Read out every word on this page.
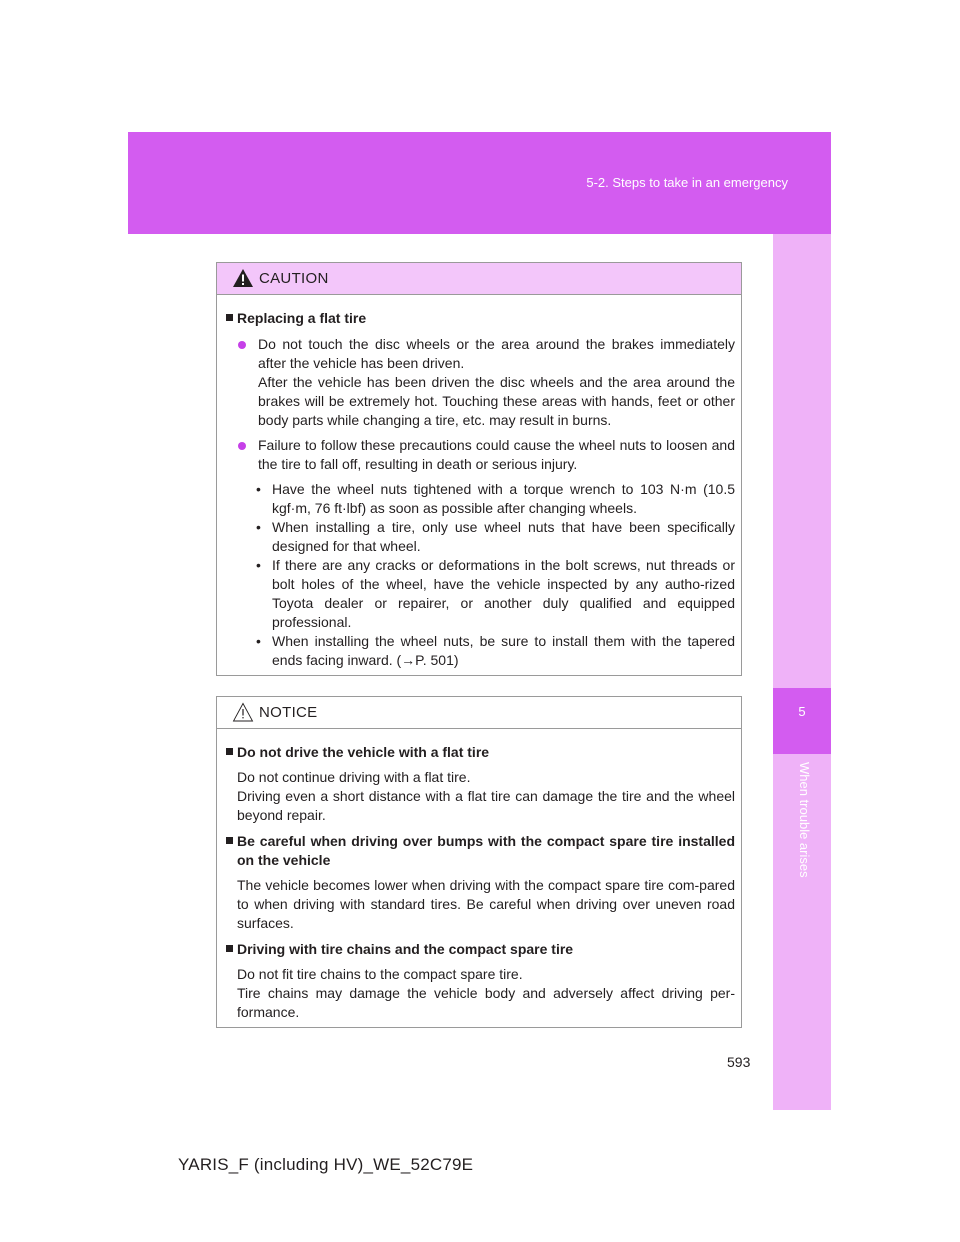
5-2. Steps to take in an emergency
5
When trouble arises
CAUTION
Replacing a flat tire
Do not touch the disc wheels or the area around the brakes immediately after the vehicle has been driven.
After the vehicle has been driven the disc wheels and the area around the brakes will be extremely hot. Touching these areas with hands, feet or other body parts while changing a tire, etc. may result in burns.
Failure to follow these precautions could cause the wheel nuts to loosen and the tire to fall off, resulting in death or serious injury.
• Have the wheel nuts tightened with a torque wrench to 103 N·m (10.5 kgf·m, 76 ft·lbf) as soon as possible after changing wheels.
• When installing a tire, only use wheel nuts that have been specifically designed for that wheel.
• If there are any cracks or deformations in the bolt screws, nut threads or bolt holes of the wheel, have the vehicle inspected by any autho-rized Toyota dealer or repairer, or another duly qualified and equipped professional.
• When installing the wheel nuts, be sure to install them with the tapered ends facing inward. (→P. 501)
NOTICE
Do not drive the vehicle with a flat tire
Do not continue driving with a flat tire.
Driving even a short distance with a flat tire can damage the tire and the wheel beyond repair.
Be careful when driving over bumps with the compact spare tire installed on the vehicle
The vehicle becomes lower when driving with the compact spare tire com-pared to when driving with standard tires. Be careful when driving over uneven road surfaces.
Driving with tire chains and the compact spare tire
Do not fit tire chains to the compact spare tire.
Tire chains may damage the vehicle body and adversely affect driving per-formance.
593
YARIS_F (including HV)_WE_52C79E
